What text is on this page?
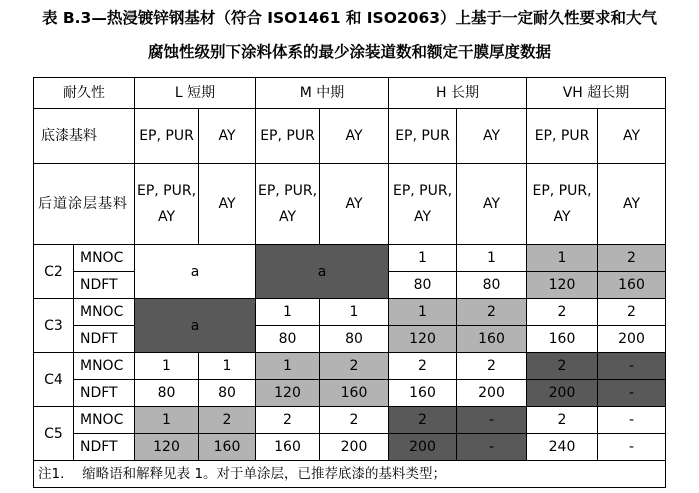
表 B.3—热浸镀锌钢基材（符合 ISO1461 和 ISO2063）上基于一定耐久性要求和大气
腐蚀性级别下涂料体系的最少涂装道数和额定干膜厚度数据
耐久性		L 短期		M 中期		H 长期		VH 超长期	
底漆基料		EP, PUR	AY	EP, PUR	AY	EP, PUR	AY	EP, PUR	AY
后道涂层基料		EP, PUR, AY	AY	EP, PUR, AY	AY	EP, PUR, AY	AY	EP, PUR, AY	AY
C2	MNOC	a		a		1	1	1	2
	NDFT					80	80	120	160
C3	MNOC	a		1	1	1	2	2	2
	NDFT			80	80	120	160	160	200
C4	MNOC	1	1	1	2	2	2	2	-
	NDFT	80	80	120	160	160	200	200	-
C5	MNOC	1	2	2	2	2	-	2	-
	NDFT	120	160	160	200	200	-	240	-
注1.　 缩略语和解释见表 1。对于单涂层，已推荐底漆的基料类型；									
